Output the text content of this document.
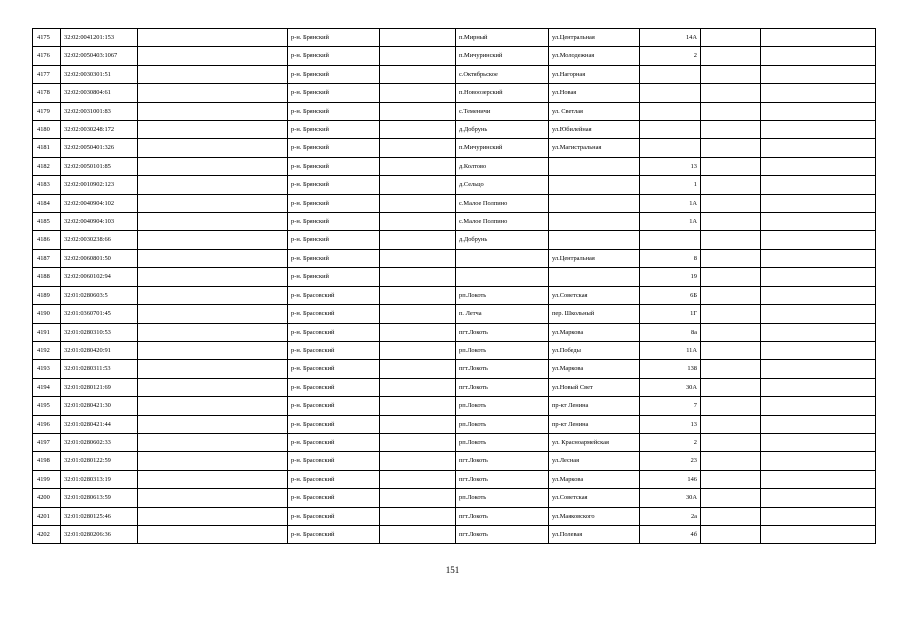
4175	32:02:0041201:153		р-н. Брянский		п.Мирный	ул.Центральная	14А		
4176	32:02:0050403:1067		р-н. Брянский		п.Мичуринский	ул.Молодежная	2		
4177	32:02:0030301:51		р-н. Брянский		с.Октябрьское	ул.Нагорная			
4178	32:02:0030804:61		р-н. Брянский		п.Новоозерский	ул.Новая			
4179	32:02:0031001:83		р-н. Брянский		с.Теменичи	ул. Светлая			
4180	32:02:0030248:172		р-н. Брянский		д.Добрунь	ул.Юбилейная			
4181	32:02:0050401:326		р-н. Брянский		п.Мичуринский	ул.Магистральная			
4182	32:02:0050101:85		р-н. Брянский		д.Колтово		13		
4183	32:02:0010902:123		р-н. Брянский		д.Сельцо		1		
4184	32:02:0040904:102		р-н. Брянский		с.Малое Полпино		1А		
4185	32:02:0040904:103		р-н. Брянский		с.Малое Полпино		1А		
4186	32:02:0030238:66		р-н. Брянский		д.Добрунь				
4187	32:02:0060801:50		р-н. Брянский			ул.Центральная	8		
4188	32:02:0060102:94		р-н. Брянский				19		
4189	32:01:0280603:5		р-н. Брасовский		рп.Локоть	ул.Советская	6Б		
4190	32:01:0360701:45		р-н. Брасовский		п. Летча	пер. Школьный	1Г		
4191	32:01:0280310:53		р-н. Брасовский		пгт.Локоть	ул.Маркова	8а		
4192	32:01:0280420:91		р-н. Брасовский		рп.Локоть	ул.Победы	11А		
4193	32:01:0280311:53		р-н. Брасовский		пгт.Локоть	ул.Маркова	138		
4194	32:01:0280121:69		р-н. Брасовский		пгт.Локоть	ул.Новый Свет	30А		
4195	32:01:0280421:30		р-н. Брасовский		рп.Локоть	пр-кт Ленина	7		
4196	32:01:0280421:44		р-н. Брасовский		рп.Локоть	пр-кт Ленина	13		
4197	32:01:0280602:33		р-н. Брасовский		рп.Локоть	ул. Красноармейская	2		
4198	32:01:0280122:59		р-н. Брасовский		пгт.Локоть	ул.Лесная	23		
4199	32:01:0280313:19		р-н. Брасовский		пгт.Локоть	ул.Маркова	146		
4200	32:01:0280613:59		р-н. Брасовский		рп.Локоть	ул.Советская	30А		
4201	32:01:0280125:46		р-н. Брасовский		пгт.Локоть	ул.Маяковского	2а		
4202	32:01:0280206:36		р-н. Брасовский		пгт.Локоть	ул.Полевая	4б		
151
